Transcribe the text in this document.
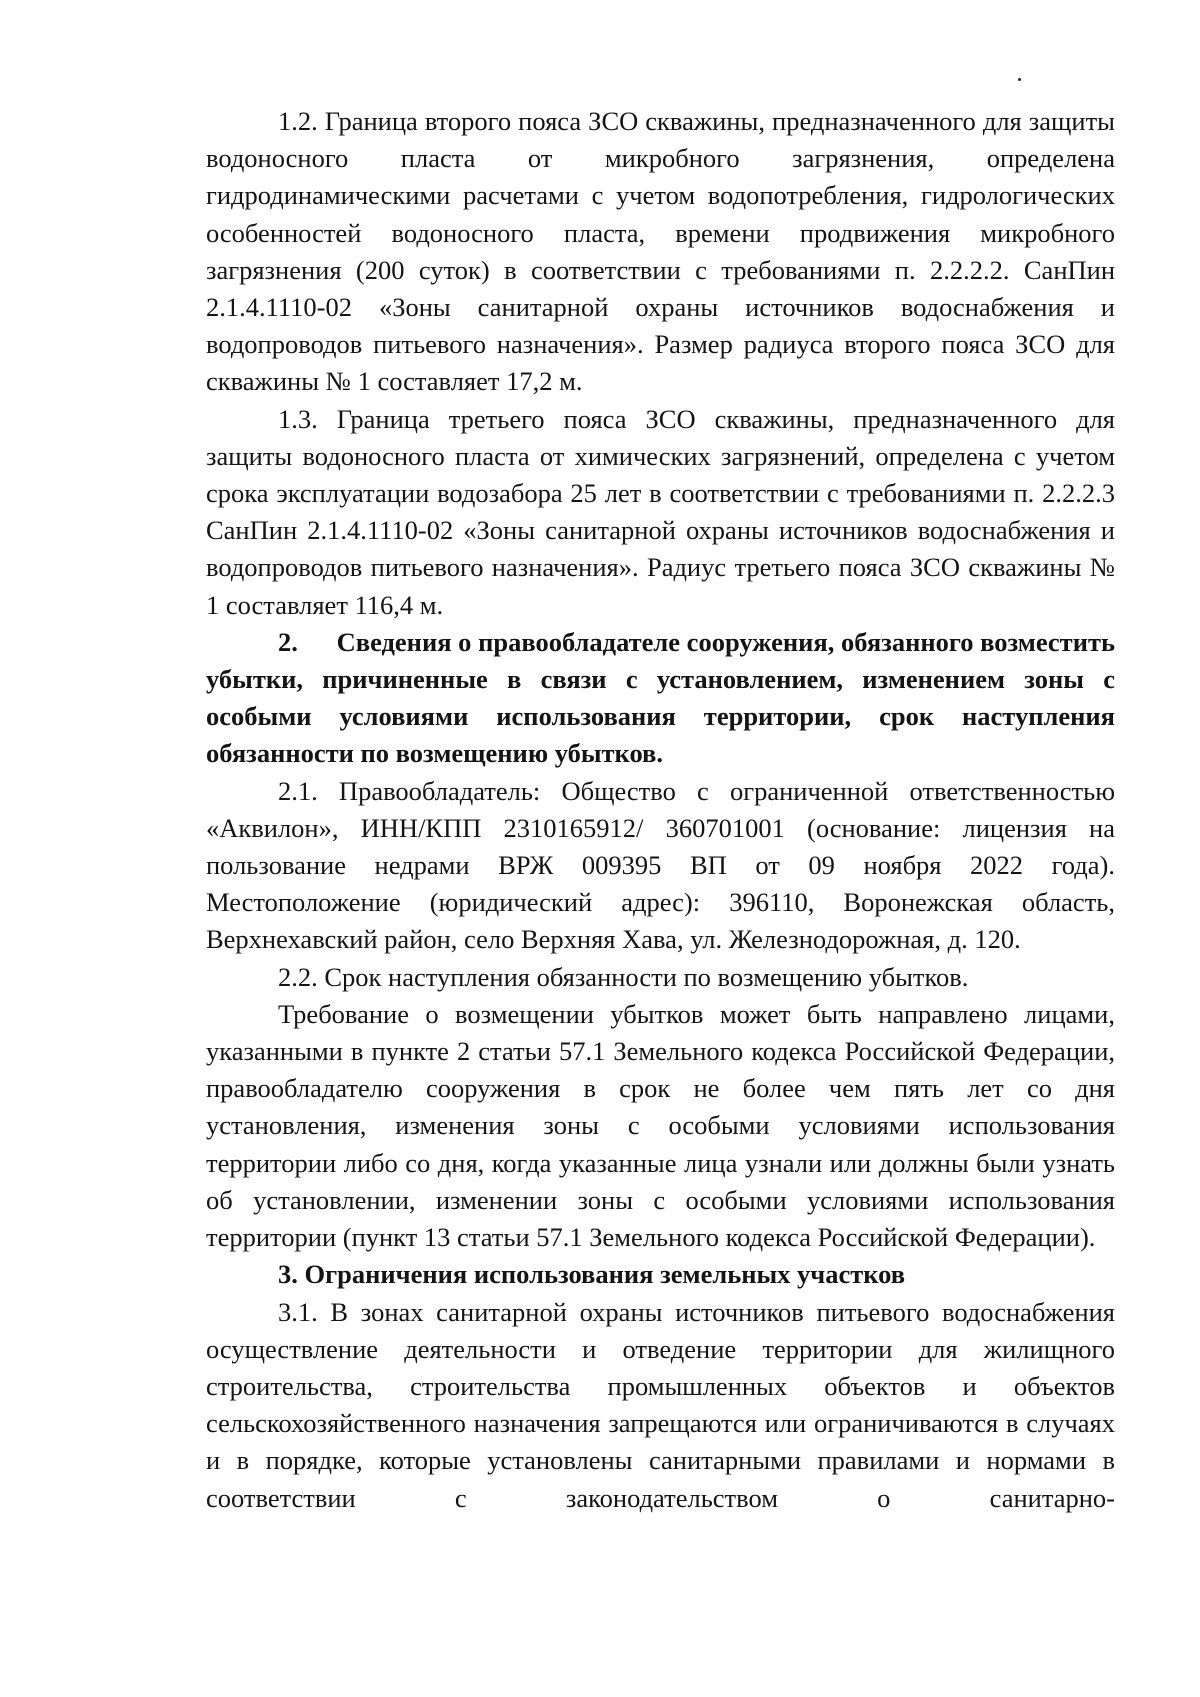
1.2. Граница второго пояса ЗСО скважины, предназначенного для защиты водоносного пласта от микробного загрязнения, определена гидродинамическими расчетами с учетом водопотребления, гидрологических особенностей водоносного пласта, времени продвижения микробного загрязнения (200 суток) в соответствии с требованиями п. 2.2.2.2. СанПин 2.1.4.1110-02 «Зоны санитарной охраны источников водоснабжения и водопроводов питьевого назначения». Размер радиуса второго пояса ЗСО для скважины № 1 составляет 17,2 м.

1.3. Граница третьего пояса ЗСО скважины, предназначенного для защиты водоносного пласта от химических загрязнений, определена с учетом срока эксплуатации водозабора 25 лет в соответствии с требованиями п. 2.2.2.3 СанПин 2.1.4.1110-02 «Зоны санитарной охраны источников водоснабжения и водопроводов питьевого назначения». Радиус третьего пояса ЗСО скважины № 1 составляет 116,4 м.

2. Сведения о правообладателе сооружения, обязанного возместить убытки, причиненные в связи с установлением, изменением зоны с особыми условиями использования территории, срок наступления обязанности по возмещению убытков.

2.1. Правообладатель: Общество с ограниченной ответственностью «Аквилон», ИНН/КПП 2310165912/ 360701001 (основание: лицензия на пользование недрами ВРЖ 009395 ВП от 09 ноября 2022 года). Местоположение (юридический адрес): 396110, Воронежская область, Верхнехавский район, село Верхняя Хава, ул. Железнодорожная, д. 120.

2.2. Срок наступления обязанности по возмещению убытков.

Требование о возмещении убытков может быть направлено лицами, указанными в пункте 2 статьи 57.1 Земельного кодекса Российской Федерации, правообладателю сооружения в срок не более чем пять лет со дня установления, изменения зоны с особыми условиями использования территории либо со дня, когда указанные лица узнали или должны были узнать об установлении, изменении зоны с особыми условиями использования территории (пункт 13 статьи 57.1 Земельного кодекса Российской Федерации).

3. Ограничения использования земельных участков

3.1. В зонах санитарной охраны источников питьевого водоснабжения осуществление деятельности и отведение территории для жилищного строительства, строительства промышленных объектов и объектов сельскохозяйственного назначения запрещаются или ограничиваются в случаях и в порядке, которые установлены санитарными правилами и нормами в соответствии с законодательством о санитарно-
